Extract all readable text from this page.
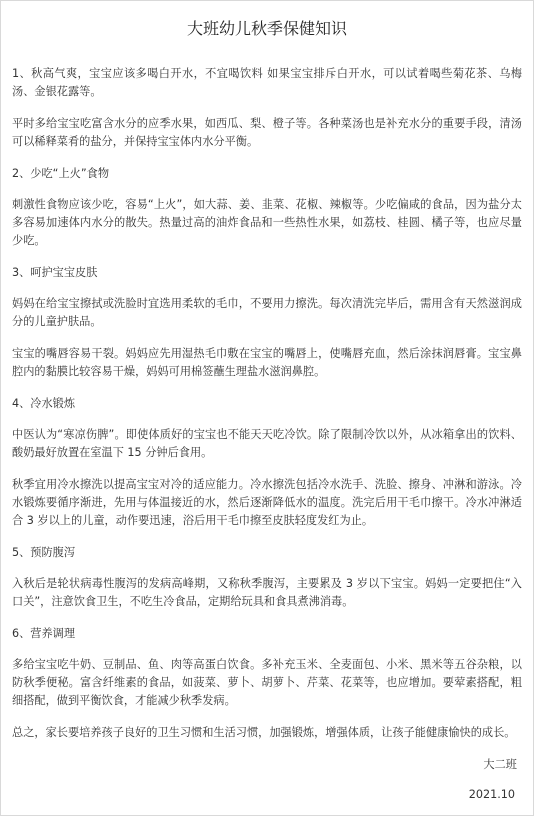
大班幼儿秋季保健知识
1、秋高气爽，宝宝应该多喝白开水，不宜喝饮料 如果宝宝排斥白开水，可以试着喝些菊花茶、乌梅汤、金银花露等。
平时多给宝宝吃富含水分的应季水果，如西瓜、梨、橙子等。各种菜汤也是补充水分的重要手段，清汤可以稀释菜肴的盐分，并保持宝宝体内水分平衡。
2、少吃“上火”食物
刺激性食物应该少吃，容易“上火”，如大蒜、姜、韭菜、花椒、辣椒等。少吃偏咸的食品，因为盐分太多容易加速体内水分的散失。热量过高的油炸食品和一些热性水果，如荔枝、桂圆、橘子等，也应尽量少吃。
3、呵护宝宝皮肤
妈妈在给宝宝擦拭或洗脸时宜选用柔软的毛巾，不要用力擦洗。每次清洗完毕后，需用含有天然滋润成分的儿童护肤品。
宝宝的嘴唇容易干裂。妈妈应先用湿热毛巾敷在宝宝的嘴唇上，使嘴唇充血，然后涂抹润唇膏。宝宝鼻腔内的黏膜比较容易干燥，妈妈可用棉签蘸生理盐水滋润鼻腔。
4、冷水锻炼
中医认为“寒凉伤脾”。即使体质好的宝宝也不能天天吃冷饮。除了限制冷饮以外，从冰箱拿出的饮料、酸奶最好放置在室温下 15 分钟后食用。
秋季宜用冷水擦洗以提高宝宝对冷的适应能力。冷水擦洗包括冷水洗手、洗脸、擦身、冲淋和游泳。冷水锻炼要循序渐进，先用与体温接近的水，然后逐渐降低水的温度。洗完后用干毛巾擦干。冷水冲淋适合 3 岁以上的儿童，动作要迅速，浴后用干毛巾擦至皮肤轻度发红为止。
5、预防腹泻
入秋后是轮状病毒性腹泻的发病高峰期，又称秋季腹泻，主要累及 3 岁以下宝宝。妈妈一定要把住“入口关”，注意饮食卫生，不吃生冷食品，定期给玩具和食具煮沸消毒。
6、营养调理
多给宝宝吃牛奶、豆制品、鱼、肉等高蛋白饮食。多补充玉米、全麦面包、小米、黑米等五谷杂粮，以防秋季便秘。富含纤维素的食品，如菠菜、萝卜、胡萝卜、芹菜、花菜等，也应增加。要荤素搭配，粗细搭配，做到平衡饮食，才能减少秋季发病。
总之，家长要培养孩子良好的卫生习惯和生活习惯，加强锻炼，增强体质，让孩子能健康愉快的成长。
大二班
2021.10
